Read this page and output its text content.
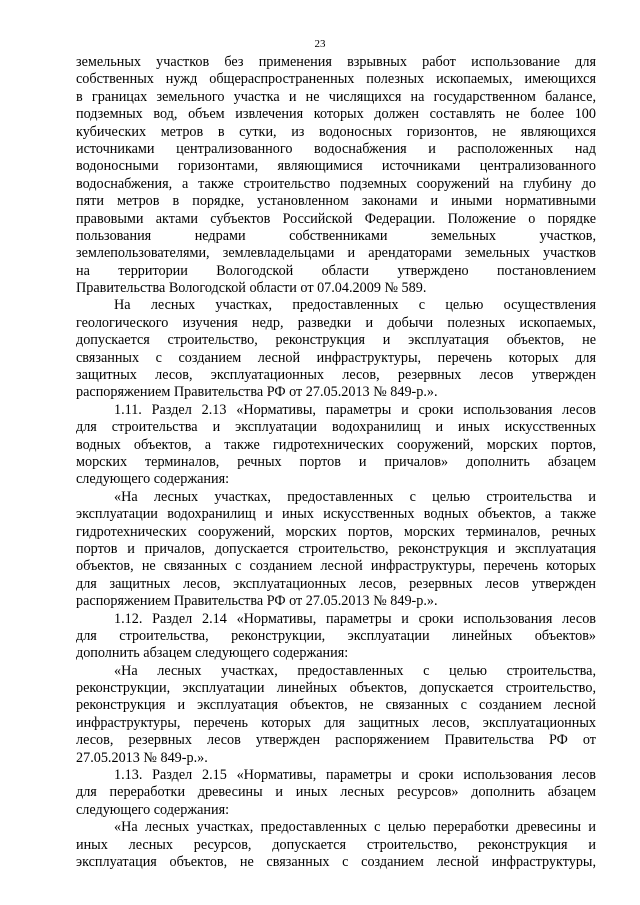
23
земельных участков без применения взрывных работ использование для
собственных нужд общераспространенных полезных ископаемых, имеющихся
в границах земельного участка и не числящихся на государственном балансе,
подземных вод, объем извлечения которых должен составлять не более 100
кубических метров в сутки, из водоносных горизонтов, не являющихся
источниками централизованного водоснабжения и расположенных над
водоносными горизонтами, являющимися источниками централизованного
водоснабжения, а также строительство подземных сооружений на глубину до
пяти метров в порядке, установленном законами и иными нормативными
правовыми актами субъектов Российской Федерации. Положение о порядке
пользования недрами собственниками земельных участков,
землепользователями, землевладельцами и арендаторами земельных участков
на территории Вологодской области утверждено постановлением
Правительства Вологодской области от 07.04.2009 № 589.
На лесных участках, предоставленных с целью осуществления
геологического изучения недр, разведки и добычи полезных ископаемых,
допускается строительство, реконструкция и эксплуатация объектов, не
связанных с созданием лесной инфраструктуры, перечень которых для
защитных лесов, эксплуатационных лесов, резервных лесов утвержден
распоряжением Правительства РФ от 27.05.2013 № 849-р.».
1.11. Раздел 2.13 «Нормативы, параметры и сроки использования лесов
для строительства и эксплуатации водохранилищ и иных искусственных
водных объектов, а также гидротехнических сооружений, морских портов,
морских терминалов, речных портов и причалов» дополнить абзацем
следующего содержания:
«На лесных участках, предоставленных с целью строительства и
эксплуатации водохранилищ и иных искусственных водных объектов, а также
гидротехнических сооружений, морских портов, морских терминалов, речных
портов и причалов, допускается строительство, реконструкция и эксплуатация
объектов, не связанных с созданием лесной инфраструктуры, перечень которых
для защитных лесов, эксплуатационных лесов, резервных лесов утвержден
распоряжением Правительства РФ от 27.05.2013 № 849-р.».
1.12. Раздел 2.14 «Нормативы, параметры и сроки использования лесов
для строительства, реконструкции, эксплуатации линейных объектов»
дополнить абзацем следующего содержания:
«На лесных участках, предоставленных с целью строительства,
реконструкции, эксплуатации линейных объектов, допускается строительство,
реконструкция и эксплуатация объектов, не связанных с созданием лесной
инфраструктуры, перечень которых для защитных лесов, эксплуатационных
лесов, резервных лесов утвержден распоряжением Правительства РФ от
27.05.2013 № 849-р.».
1.13. Раздел 2.15 «Нормативы, параметры и сроки использования лесов
для переработки древесины и иных лесных ресурсов» дополнить абзацем
следующего содержания:
«На лесных участках, предоставленных с целью переработки древесины и
иных лесных ресурсов, допускается строительство, реконструкция и
эксплуатация объектов, не связанных с созданием лесной инфраструктуры,
